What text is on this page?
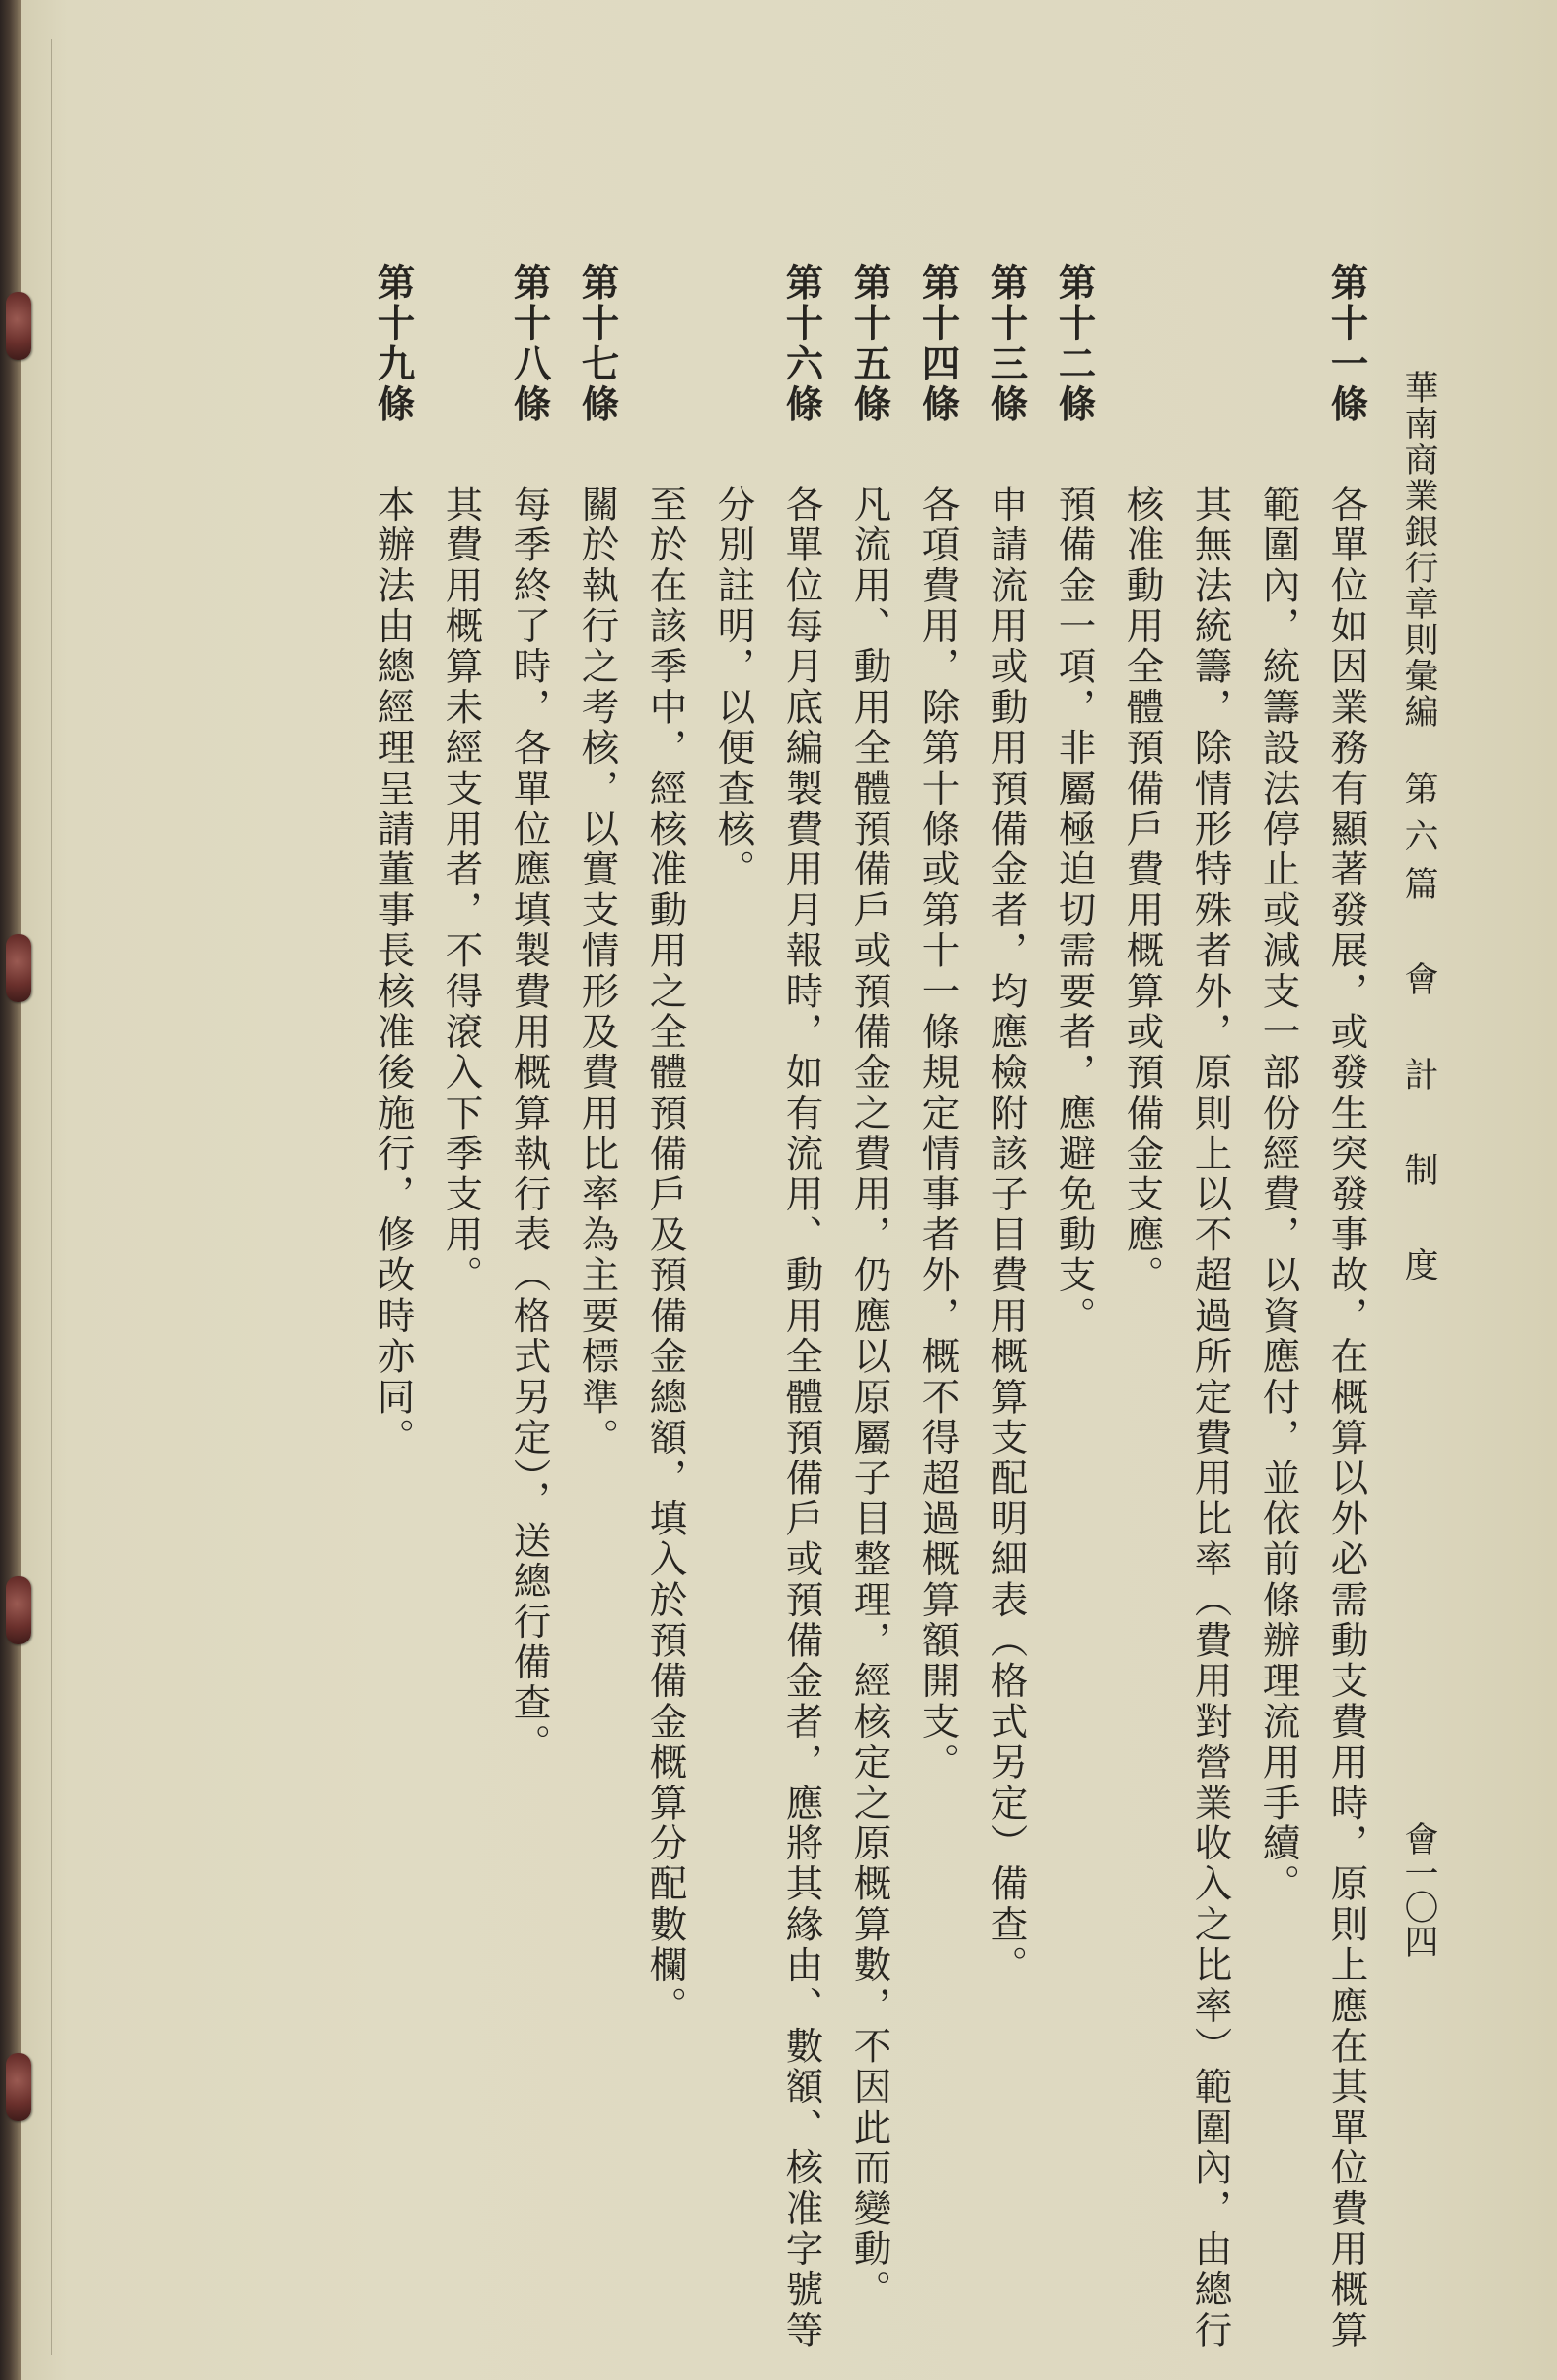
華南商業銀行章則彙編
第六篇　會　計　制　度
會一〇四
第十一條
各單位如因業務有顯著發展，或發生突發事故，在概算以外必需動支費用時，原則上應在其單位費用概算
範圍內，統籌設法停止或減支一部份經費，以資應付，並依前條辦理流用手續。
其無法統籌，除情形特殊者外，原則上以不超過所定費用比率（費用對營業收入之比率）範圍內，由總行
核准動用全體預備戶費用概算或預備金支應。
第十二條
預備金一項，非屬極迫切需要者，應避免動支。
第十三條
申請流用或動用預備金者，均應檢附該子目費用概算支配明細表（格式另定）備查。
第十四條
各項費用，除第十條或第十一條規定情事者外，概不得超過概算額開支。
第十五條
凡流用、動用全體預備戶或預備金之費用，仍應以原屬子目整理，經核定之原概算數，不因此而變動。
第十六條
各單位每月底編製費用月報時，如有流用、動用全體預備戶或預備金者，應將其緣由、數額、核准字號等
分別註明，以便查核。
至於在該季中，經核准動用之全體預備戶及預備金總額，填入於預備金概算分配數欄。
第十七條
關於執行之考核，以實支情形及費用比率為主要標準。
第十八條
每季終了時，各單位應填製費用概算執行表（格式另定），送總行備查。
其費用概算未經支用者，不得滾入下季支用。
第十九條
本辦法由總經理呈請董事長核准後施行，修改時亦同。
